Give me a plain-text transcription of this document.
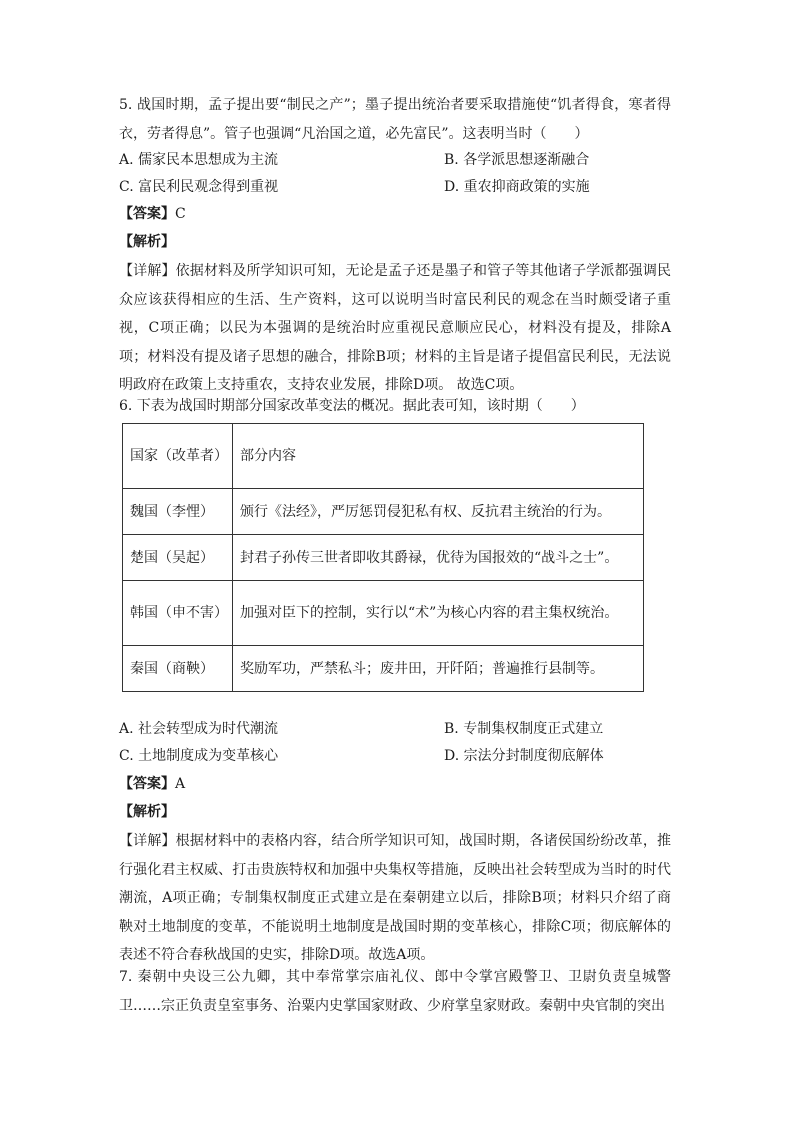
5. 战国时期，孟子提出要“制民之产”；墨子提出统治者要采取措施使“饥者得食，寒者得衣，劳者得息”。管子也强调“凡治国之道，必先富民”。这表明当时（　　）
A. 儒家民本思想成为主流	B. 各学派思想逐渐融合
C. 富民利民观念得到重视	D. 重农抑商政策的实施
【答案】C
【解析】
【详解】依据材料及所学知识可知，无论是孟子还是墨子和管子等其他诸子学派都强调民众应该获得相应的生活、生产资料，这可以说明当时富民利民的观念在当时颇受诸子重视，C项正确；以民为本强调的是统治时应重视民意顺应民心，材料没有提及，排除A项；材料没有提及诸子思想的融合，排除B项；材料的主旨是诸子提倡富民利民，无法说明政府在政策上支持重农，支持农业发展，排除D项。 故选C项。
6. 下表为战国时期部分国家改革变法的概况。据此表可知，该时期（　　）
国家（改革者）	部分内容
魏国（李悝）	颁行《法经》，严厉惩罚侵犯私有权、反抗君主统治的行为。
楚国（吴起）	封君子孙传三世者即收其爵禄，优待为国报效的“战斗之士”。
韩国（申不害）	加强对臣下的控制，实行以“术”为核心内容的君主集权统治。
秦国（商鞅）	奖励军功，严禁私斗；废井田，开阡陌；普遍推行县制等。
A. 社会转型成为时代潮流	B. 专制集权制度正式建立
C. 土地制度成为变革核心	D. 宗法分封制度彻底解体
【答案】A
【解析】
【详解】根据材料中的表格内容，结合所学知识可知，战国时期，各诸侯国纷纷改革，推行强化君主权威、打击贵族特权和加强中央集权等措施，反映出社会转型成为当时的时代潮流，A项正确；专制集权制度正式建立是在秦朝建立以后，排除B项；材料只介绍了商鞅对土地制度的变革，不能说明土地制度是战国时期的变革核心，排除C项；彻底解体的表述不符合春秋战国的史实，排除D项。故选A项。
7. 秦朝中央设三公九卿，其中奉常掌宗庙礼仪、郎中令掌宫殿警卫、卫尉负责皇城警卫……宗正负责皇室事务、治粟内史掌国家财政、少府掌皇家财政。秦朝中央官制的突出
